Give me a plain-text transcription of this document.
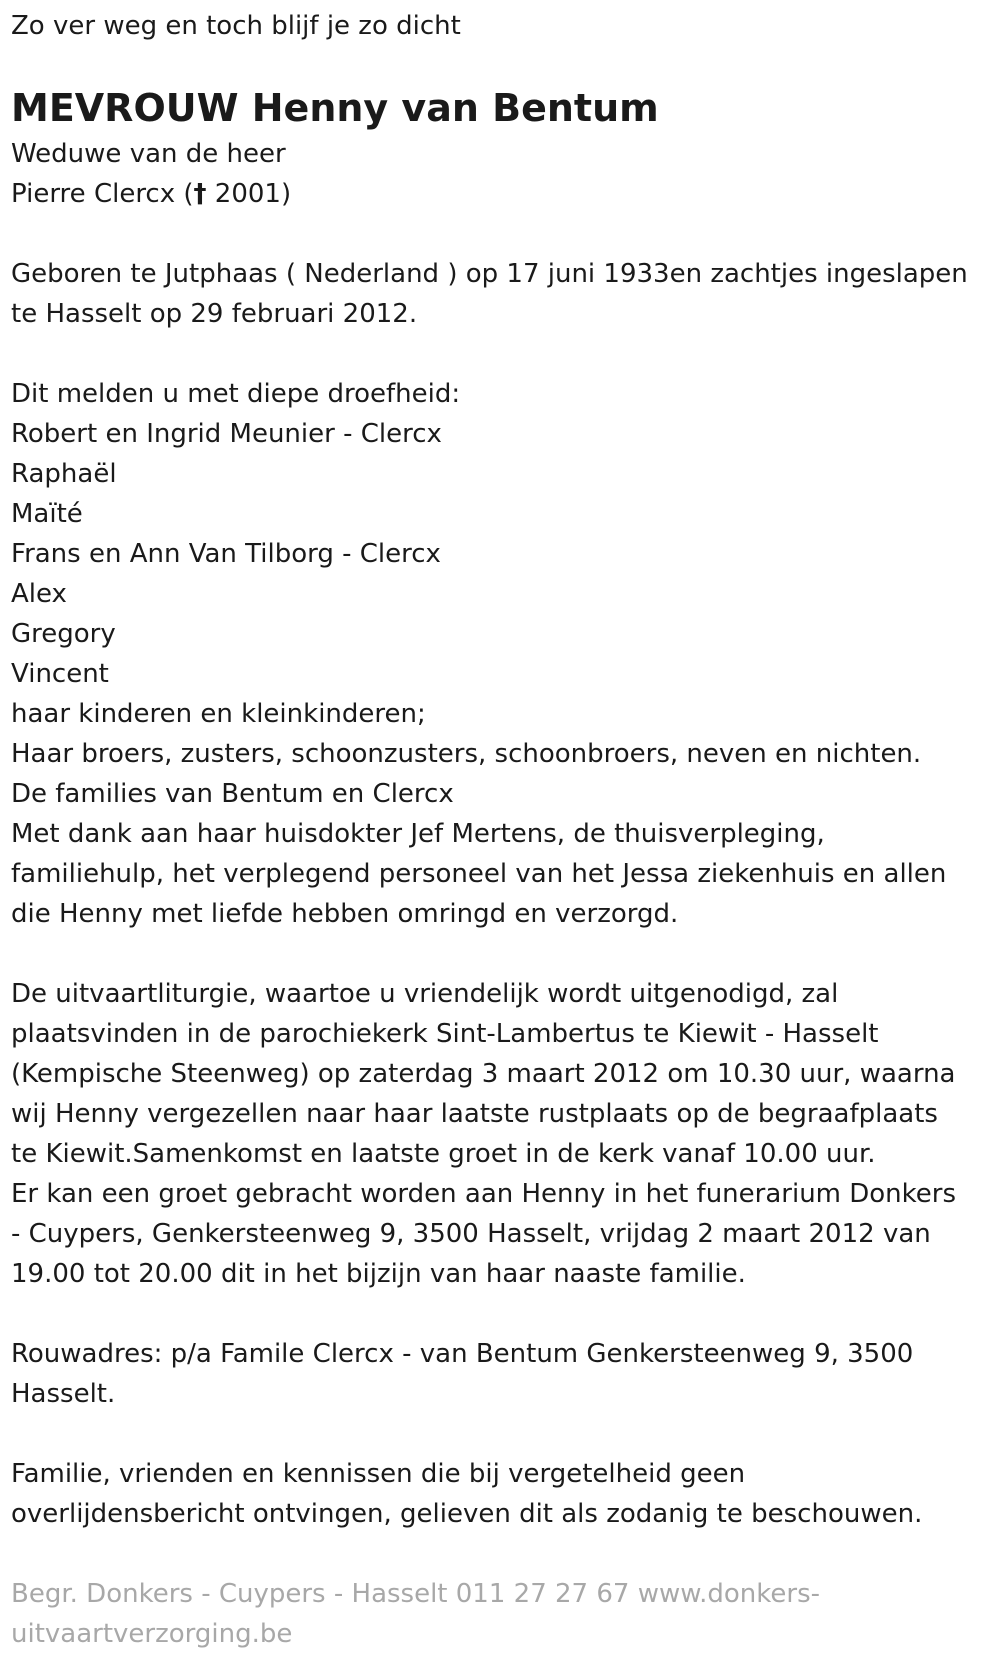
Zo ver weg en toch blijf je zo dicht

MEVROUW Henny van Bentum
Weduwe van de heer
Pierre Clercx († 2001)
Geboren te Jutphaas ( Nederland ) op 17 juni 1933en zachtjes ingeslapen
te Hasselt op 29 februari 2012.
Dit melden u met diepe droefheid:
Robert en Ingrid Meunier - Clercx
Raphaël
Maïté
Frans en Ann Van Tilborg - Clercx
Alex
Gregory
Vincent
haar kinderen en kleinkinderen;
Haar broers, zusters, schoonzusters, schoonbroers, neven en nichten.
De families van Bentum en Clercx
Met dank aan haar huisdokter Jef Mertens, de thuisverpleging,
familiehulp, het verplegend personeel van het Jessa ziekenhuis en allen
die Henny met liefde hebben omringd en verzorgd.
De uitvaartliturgie, waartoe u vriendelijk wordt uitgenodigd, zal
plaatsvinden in de parochiekerk Sint-Lambertus te Kiewit - Hasselt
(Kempische Steenweg) op zaterdag 3 maart 2012 om 10.30 uur, waarna
wij Henny vergezellen naar haar laatste rustplaats op de begraafplaats
te Kiewit.Samenkomst en laatste groet in de kerk vanaf 10.00 uur.
Er kan een groet gebracht worden aan Henny in het funerarium Donkers
- Cuypers, Genkersteenweg 9, 3500 Hasselt, vrijdag 2 maart 2012 van
19.00 tot 20.00 dit in het bijzijn van haar naaste familie.
Rouwadres: p/a Famile Clercx - van Bentum Genkersteenweg 9, 3500
Hasselt.
Familie, vrienden en kennissen die bij vergetelheid geen
overlijdensbericht ontvingen, gelieven dit als zodanig te beschouwen.
Begr. Donkers - Cuypers - Hasselt 011 27 27 67 www.donkers-
uitvaartverzorging.be
